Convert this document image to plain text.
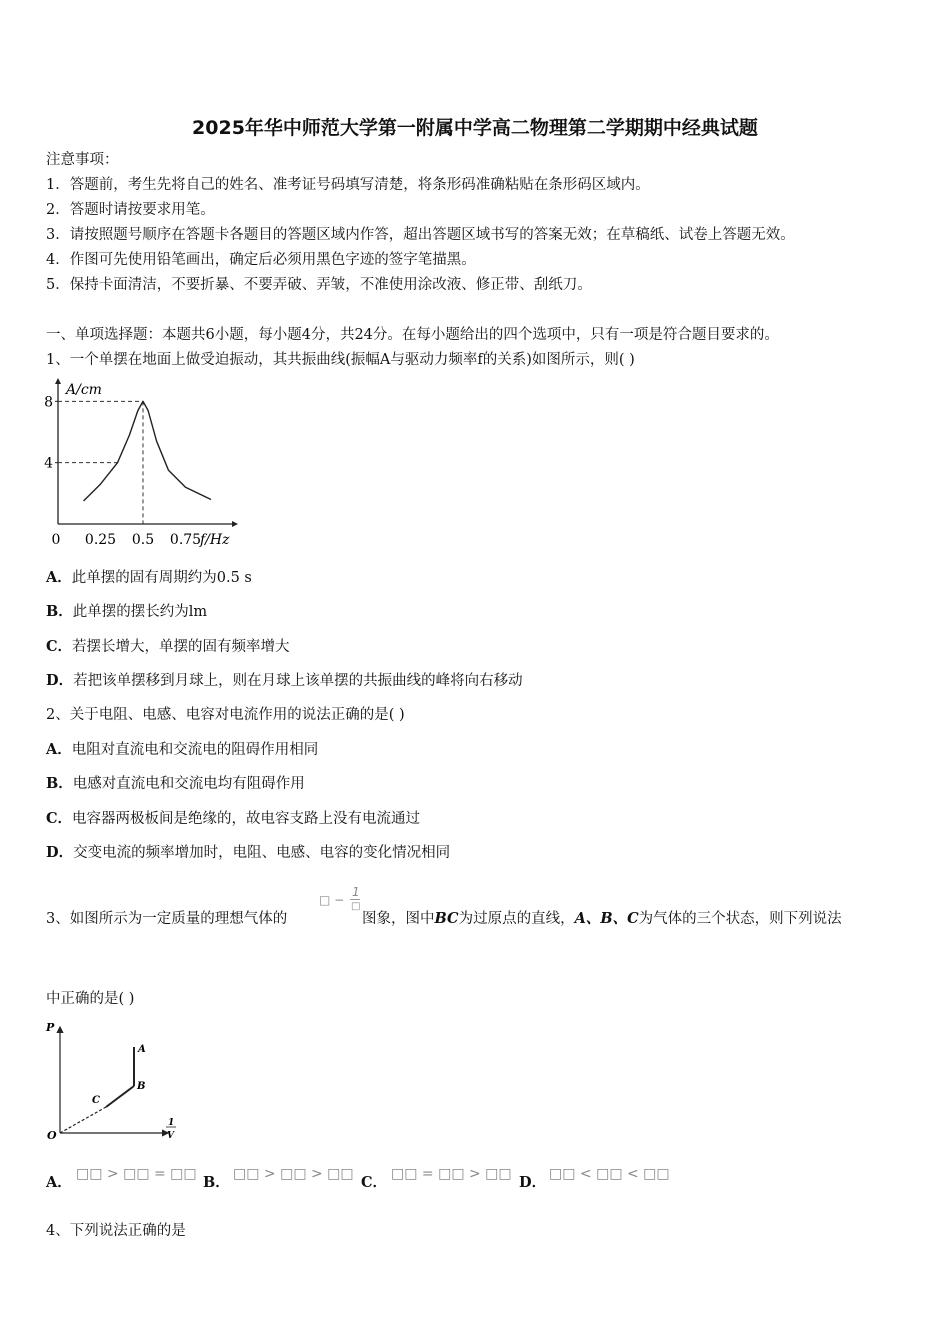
2025年华中师范大学第一附属中学高二物理第二学期期中经典试题
注意事项：
1．答题前，考生先将自己的姓名、准考证号码填写清楚，将条形码准确粘贴在条形码区域内。
2．答题时请按要求用笔。
3．请按照题号顺序在答题卡各题目的答题区域内作答，超出答题区域书写的答案无效；在草稿纸、试卷上答题无效。
4．作图可先使用铅笔画出，确定后必须用黑色字迹的签字笔描黑。
5．保持卡面清洁，不要折暴、不要弄破、弄皱，不准使用涂改液、修正带、刮纸刀。
一、单项选择题：本题共6小题，每小题4分，共24分。在每小题给出的四个选项中，只有一项是符合题目要求的。
1、一个单摆在地面上做受迫振动，其共振曲线(振幅A与驱动力频率f的关系)如图所示，则( )
A/cm
f/Hz
0 0.25 0.5 0.75
4
8
A．此单摆的固有周期约为0.5 s
B．此单摆的摆长约为lm
C．若摆长增大，单摆的固有频率增大
D．若把该单摆移到月球上，则在月球上该单摆的共振曲线的峰将向右移动
2、关于电阻、电感、电容对电流作用的说法正确的是( )
A．电阻对直流电和交流电的阻碍作用相同
B．电感对直流电和交流电均有阻碍作用
C．电容器两极板间是绝缘的，故电容支路上没有电流通过
D．交变电流的频率增加时，电阻、电感、电容的变化情况相同
3、如图所示为一定质量的理想气体的
□ −
1
□
图象，图中BC为过原点的直线，A、B、C为气体的三个状态，则下列说法
中正确的是( )
P
O
A
B
C
1
V
A． □□ > □□ = □□ B． □□ > □□ > □□ C． □□ = □□ > □□ D． □□ < □□ < □□
4、下列说法正确的是
